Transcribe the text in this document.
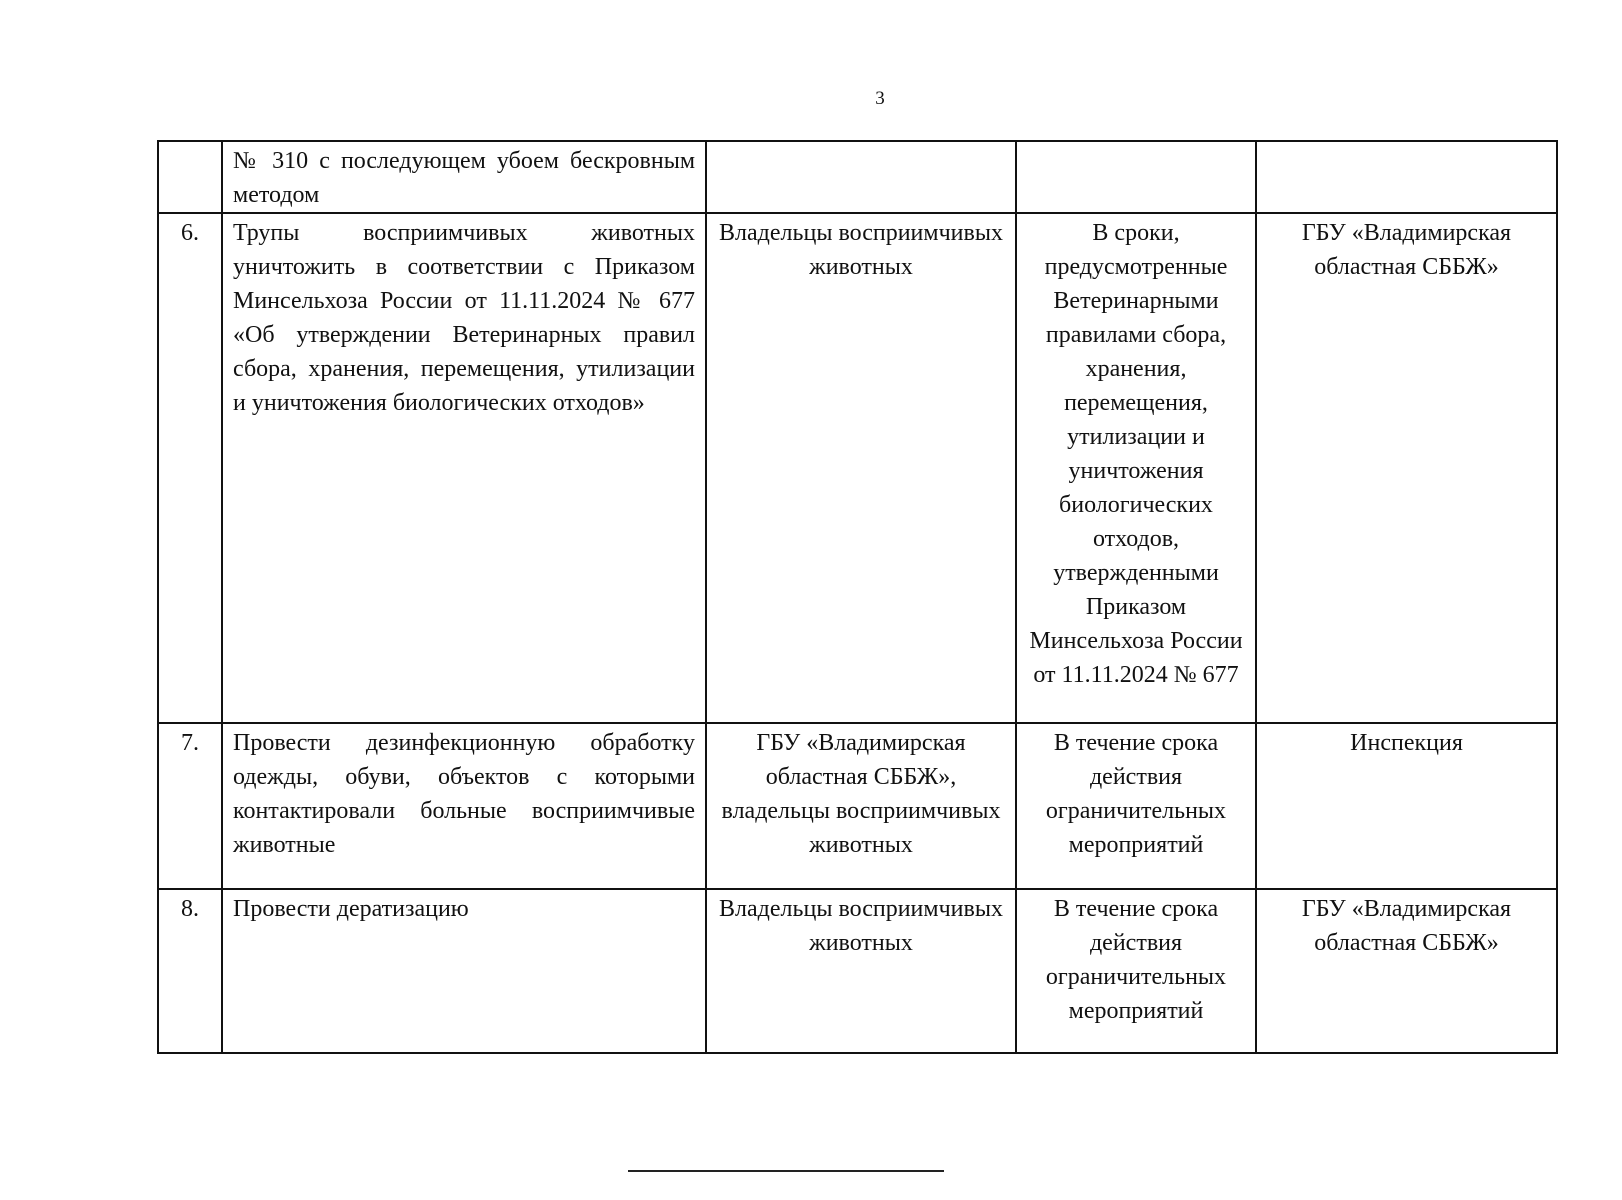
3
	№ 310 с последующем убоем бескровным методом			
6.	Трупы восприимчивых животных уничтожить в соответствии с Приказом Минсельхоза России от 11.11.2024 № 677 «Об утверждении Ветеринарных правил сбора, хранения, перемещения, утилизации и уничтожения биологических отходов»	Владельцы восприимчивых животных	В сроки, предусмотренные Ветеринарными правилами сбора, хранения, перемещения, утилизации и уничтожения биологических отходов, утвержденными Приказом Минсельхоза России от 11.11.2024 № 677	ГБУ «Владимирская областная СББЖ»
7.	Провести дезинфекционную обработку одежды, обуви, объектов с которыми контактировали больные восприимчивые животные	ГБУ «Владимирская областная СББЖ», владельцы восприимчивых животных	В течение срока действия ограничительных мероприятий	Инспекция
8.	Провести дератизацию	Владельцы восприимчивых животных	В течение срока действия ограничительных мероприятий	ГБУ «Владимирская областная СББЖ»
